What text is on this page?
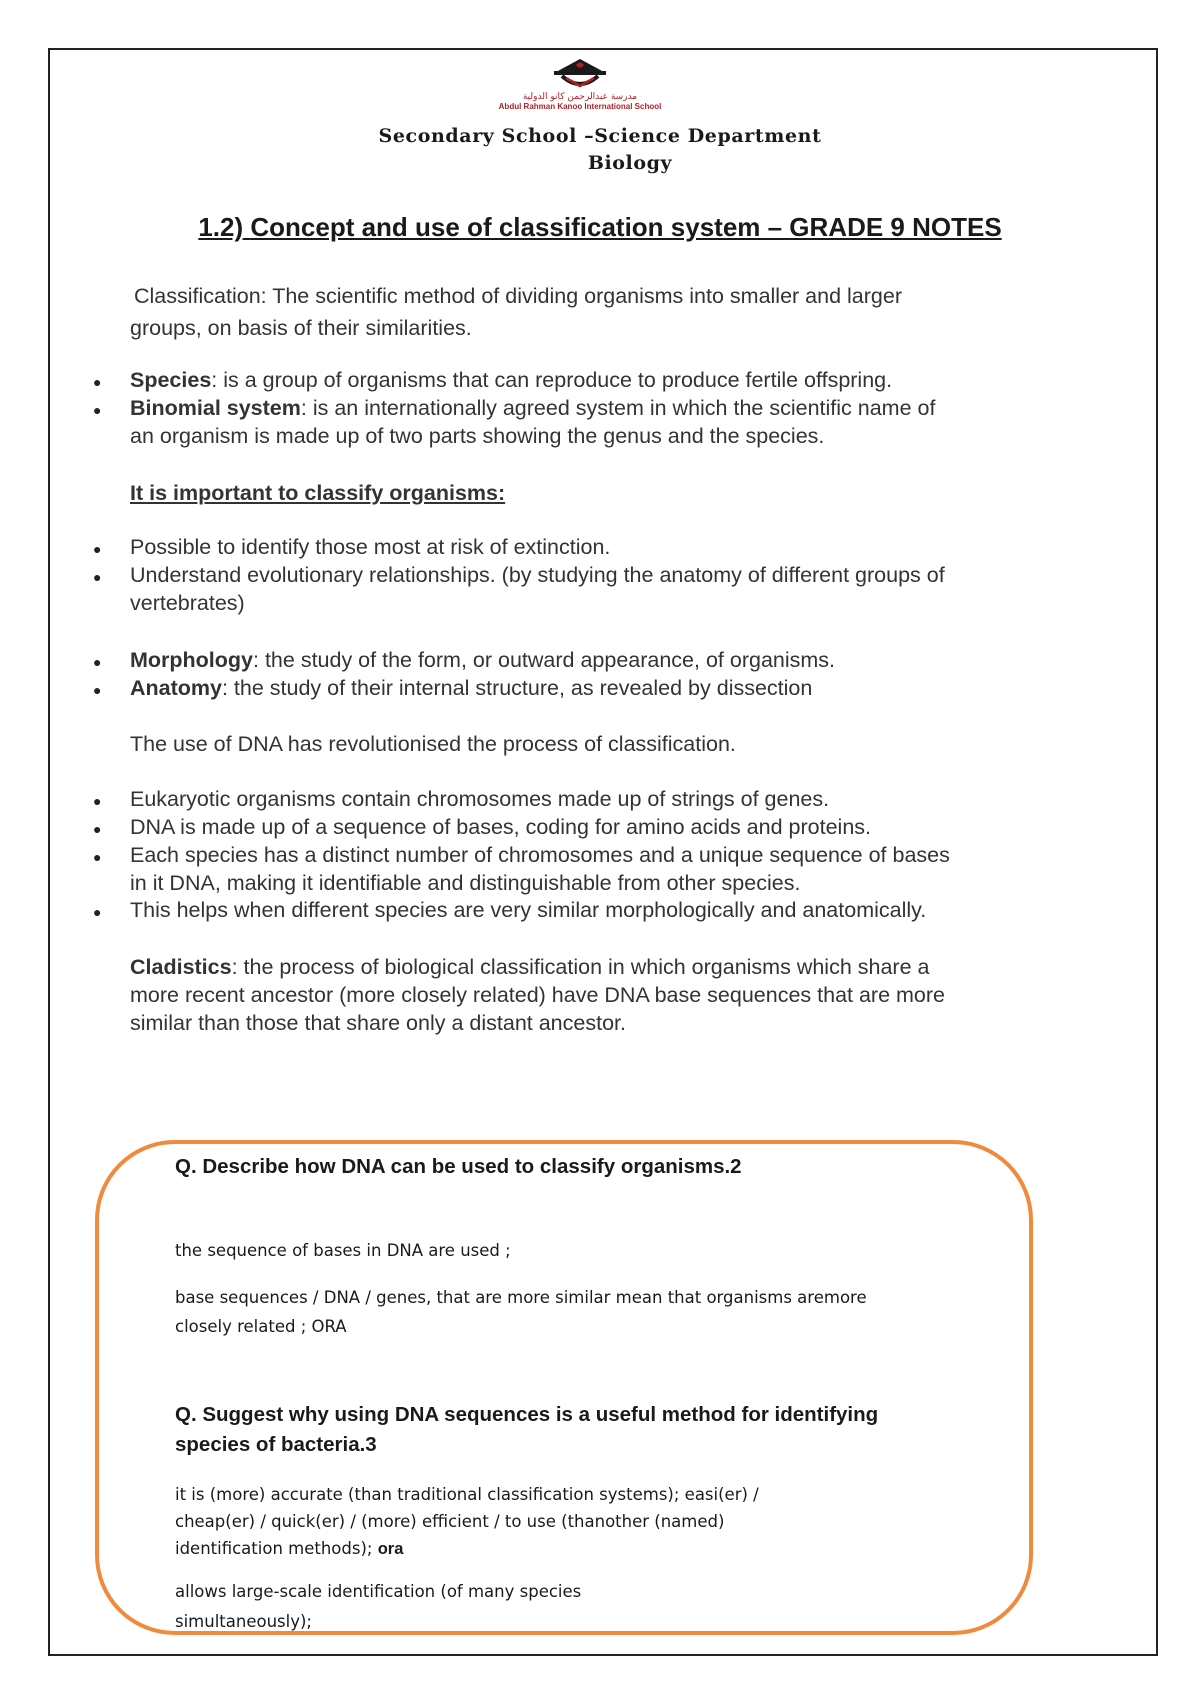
مدرسة عبدالرحمن كانو الدولية
Abdul Rahman Kanoo International School
Secondary School –Science Department
Biology
1.2) Concept and use of classification system – GRADE 9 NOTES
Classification: The scientific method of dividing organisms into smaller and larger
groups, on basis of their similarities.
● Species: is a group of organisms that can reproduce to produce fertile offspring.
● Binomial system: is an internationally agreed system in which the scientific name of
an organism is made up of two parts showing the genus and the species.
It is important to classify organisms:
● Possible to identify those most at risk of extinction.
● Understand evolutionary relationships. (by studying the anatomy of different groups of
vertebrates)
● Morphology: the study of the form, or outward appearance, of organisms.
● Anatomy: the study of their internal structure, as revealed by dissection
The use of DNA has revolutionised the process of classification.
● Eukaryotic organisms contain chromosomes made up of strings of genes.
● DNA is made up of a sequence of bases, coding for amino acids and proteins.
● Each species has a distinct number of chromosomes and a unique sequence of bases
in it DNA, making it identifiable and distinguishable from other species.
● This helps when different species are very similar morphologically and anatomically.
Cladistics: the process of biological classification in which organisms which share a
more recent ancestor (more closely related) have DNA base sequences that are more
similar than those that share only a distant ancestor.
Q. Describe how DNA can be used to classify organisms.2
the sequence of bases in DNA are used ;
base sequences / DNA / genes, that are more similar mean that organisms aremore
closely related ; ORA
Q. Suggest why using DNA sequences is a useful method for identifying
species of bacteria.3
it is (more) accurate (than traditional classification systems); easi(er) /
cheap(er) / quick(er) / (more) efficient / to use (thanother (named)
identification methods); ora
allows large-scale identification (of many species
simultaneously);
